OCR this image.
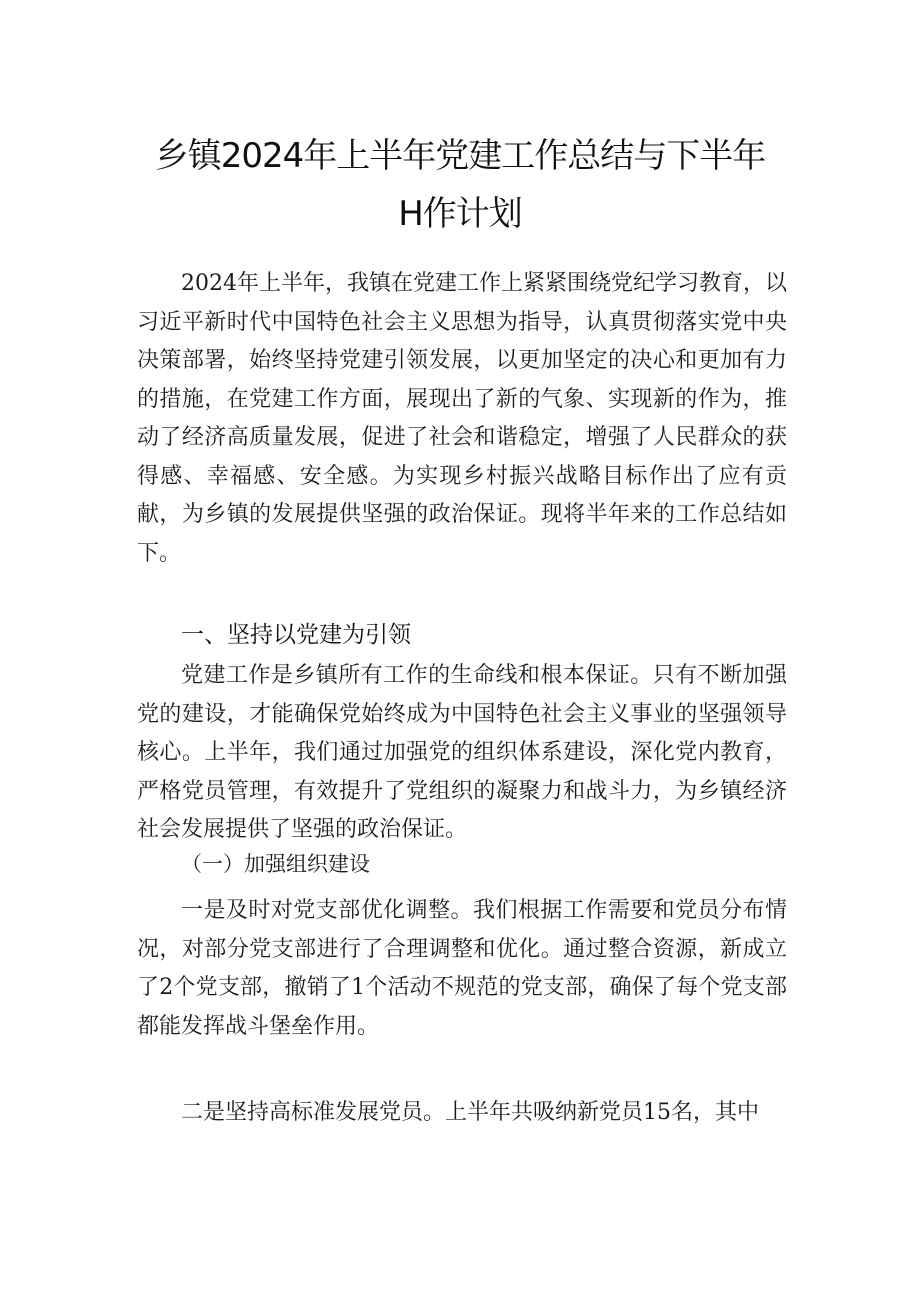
乡镇2024年上半年党建工作总结与下半年
H作计划

2024年上半年，我镇在党建工作上紧紧围绕党纪学习教育，以习近平新时代中国特色社会主义思想为指导，认真贯彻落实党中央决策部署，始终坚持党建引领发展，以更加坚定的决心和更加有力的措施，在党建工作方面，展现出了新的气象、实现新的作为，推动了经济高质量发展，促进了社会和谐稳定，增强了人民群众的获得感、幸福感、安全感。为实现乡村振兴战略目标作出了应有贡献，为乡镇的发展提供坚强的政治保证。现将半年来的工作总结如下。

一、坚持以党建为引领

党建工作是乡镇所有工作的生命线和根本保证。只有不断加强党的建设，才能确保党始终成为中国特色社会主义事业的坚强领导核心。上半年，我们通过加强党的组织体系建设，深化党内教育，严格党员管理，有效提升了党组织的凝聚力和战斗力，为乡镇经济社会发展提供了坚强的政治保证。

（一）加强组织建设

一是及时对党支部优化调整。我们根据工作需要和党员分布情况，对部分党支部进行了合理调整和优化。通过整合资源，新成立了2个党支部，撤销了1个活动不规范的党支部，确保了每个党支部都能发挥战斗堡垒作用。

二是坚持高标准发展党员。上半年共吸纳新党员15名，其中
